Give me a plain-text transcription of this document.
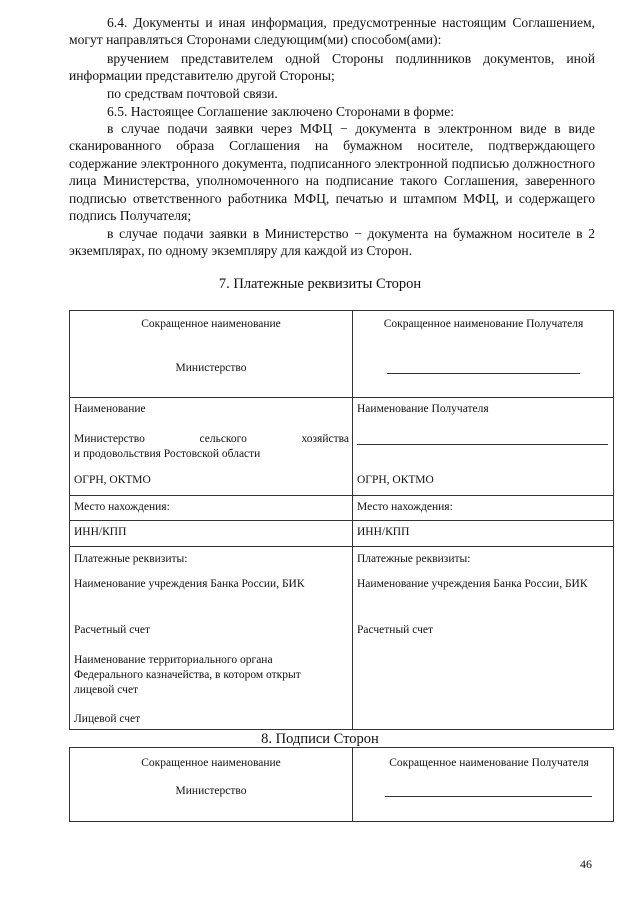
6.4. Документы и иная информация, предусмотренные настоящим Соглашением, могут направляться Сторонами следующим(ми) способом(ами):
вручением представителем одной Стороны подлинников документов, иной информации представителю другой Стороны;
по средствам почтовой связи.
6.5. Настоящее Соглашение заключено Сторонами в форме:
в случае подачи заявки через МФЦ − документа в электронном виде в виде сканированного образа Соглашения на бумажном носителе, подтверждающего содержание электронного документа, подписанного электронной подписью должностного лица Министерства, уполномоченного на подписание такого Соглашения, заверенного подписью ответственного работника МФЦ, печатью и штампом МФЦ, и содержащего подпись Получателя;
в случае подачи заявки в Министерство − документа на бумажном носителе в 2 экземплярах, по одному экземпляру для каждой из Сторон.
7. Платежные реквизиты Сторон
Сокращенное наименование
Министерство
Наименование
Министерство	сельского	хозяйства
и продовольствия Ростовской области
ОГРН, ОКТМО
Место нахождения:
ИНН/КПП
Платежные реквизиты:
Наименование учреждения Банка России, БИК
Расчетный счет
Наименование территориального органа Федерального казначейства, в котором открыт лицевой счет
Лицевой счет
Сокращенное наименование Получателя
Наименование Получателя
ОГРН, ОКТМО
Место нахождения:
ИНН/КПП
Платежные реквизиты:
Наименование учреждения Банка России, БИК
Расчетный счет
8. Подписи Сторон
Сокращенное наименование
Министерство
Сокращенное наименование Получателя
46
